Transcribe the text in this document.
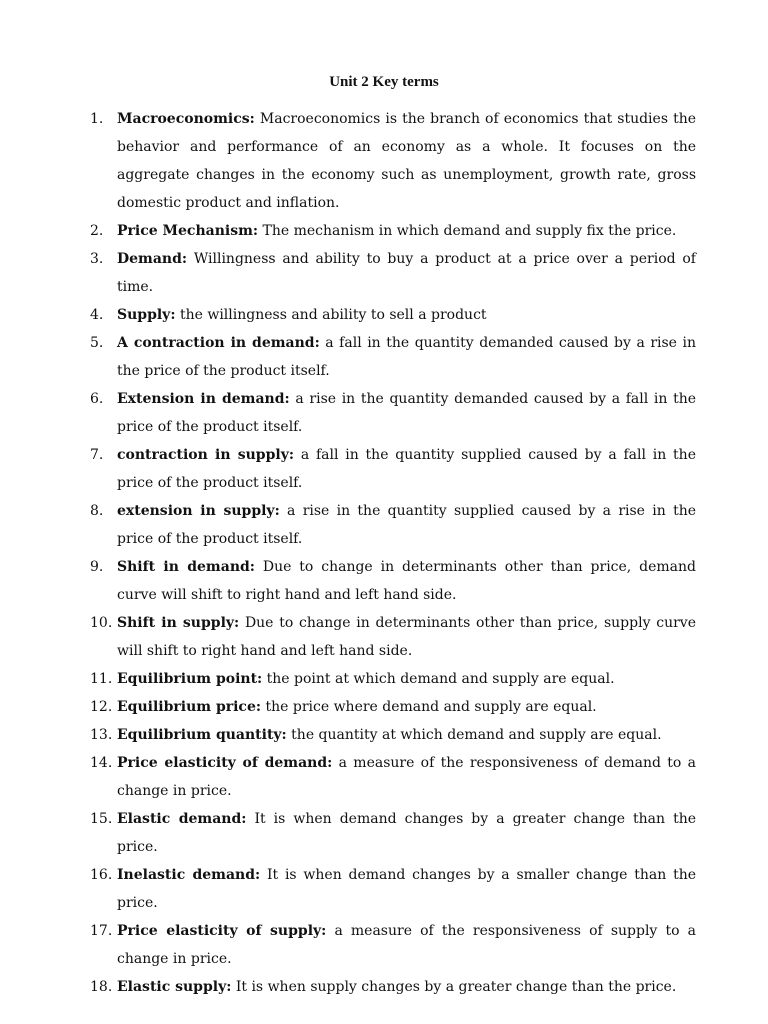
Unit 2 Key terms
1. Macroeconomics: Macroeconomics is the branch of economics that studies the behavior and performance of an economy as a whole. It focuses on the aggregate changes in the economy such as unemployment, growth rate, gross domestic product and inflation.
2. Price Mechanism: The mechanism in which demand and supply fix the price.
3. Demand: Willingness and ability to buy a product at a price over a period of time.
4. Supply: the willingness and ability to sell a product
5. A contraction in demand: a fall in the quantity demanded caused by a rise in the price of the product itself.
6. Extension in demand: a rise in the quantity demanded caused by a fall in the price of the product itself.
7. contraction in supply: a fall in the quantity supplied caused by a fall in the price of the product itself.
8. extension in supply: a rise in the quantity supplied caused by a rise in the price of the product itself.
9. Shift in demand: Due to change in determinants other than price, demand curve will shift to right hand and left hand side.
10. Shift in supply: Due to change in determinants other than price, supply curve will shift to right hand and left hand side.
11. Equilibrium point: the point at which demand and supply are equal.
12. Equilibrium price: the price where demand and supply are equal.
13. Equilibrium quantity: the quantity at which demand and supply are equal.
14. Price elasticity of demand: a measure of the responsiveness of demand to a change in price.
15. Elastic demand: It is when demand changes by a greater change than the price.
16. Inelastic demand: It is when demand changes by a smaller change than the price.
17. Price elasticity of supply: a measure of the responsiveness of supply to a change in price.
18. Elastic supply: It is when supply changes by a greater change than the price.
